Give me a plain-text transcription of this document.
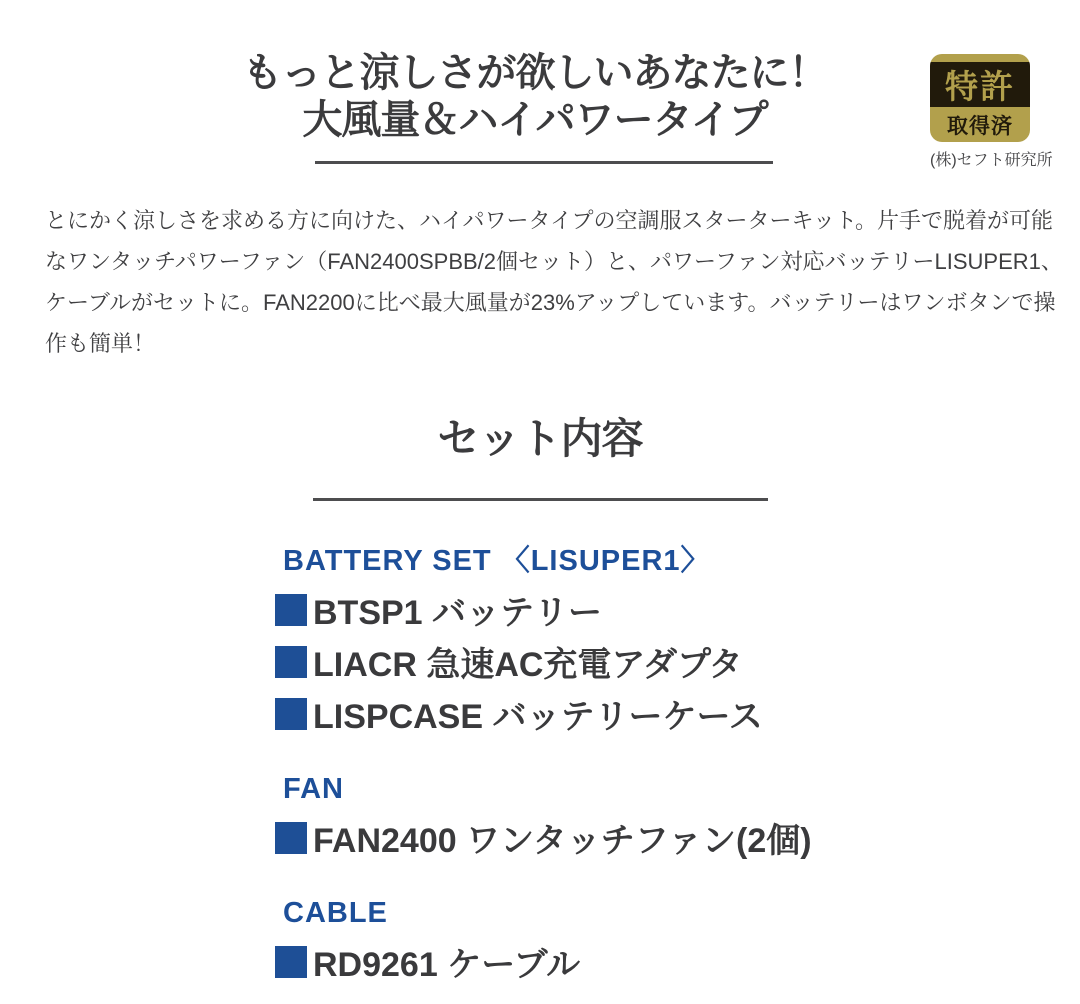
もっと涼しさが欲しいあなたに！
大風量＆ハイパワータイプ
特許
取得済
(株)セフト研究所
とにかく涼しさを求める方に向けた、ハイパワータイプの空調服スターターキット。片手で脱着が可能
なワンタッチパワーファン（FAN2400SPBB/2個セット）と、パワーファン対応バッテリーLISUPER1、
ケーブルがセットに。FAN2200に比べ最大風量が23%アップしています。バッテリーはワンボタンで操
作も簡単！
セット内容
BATTERY SET 〈LISUPER1〉
BTSP1 バッテリー
LIACR 急速AC充電アダプタ
LISPCASE バッテリーケース
FAN
FAN2400 ワンタッチファン(2個)
CABLE
RD9261 ケーブル
